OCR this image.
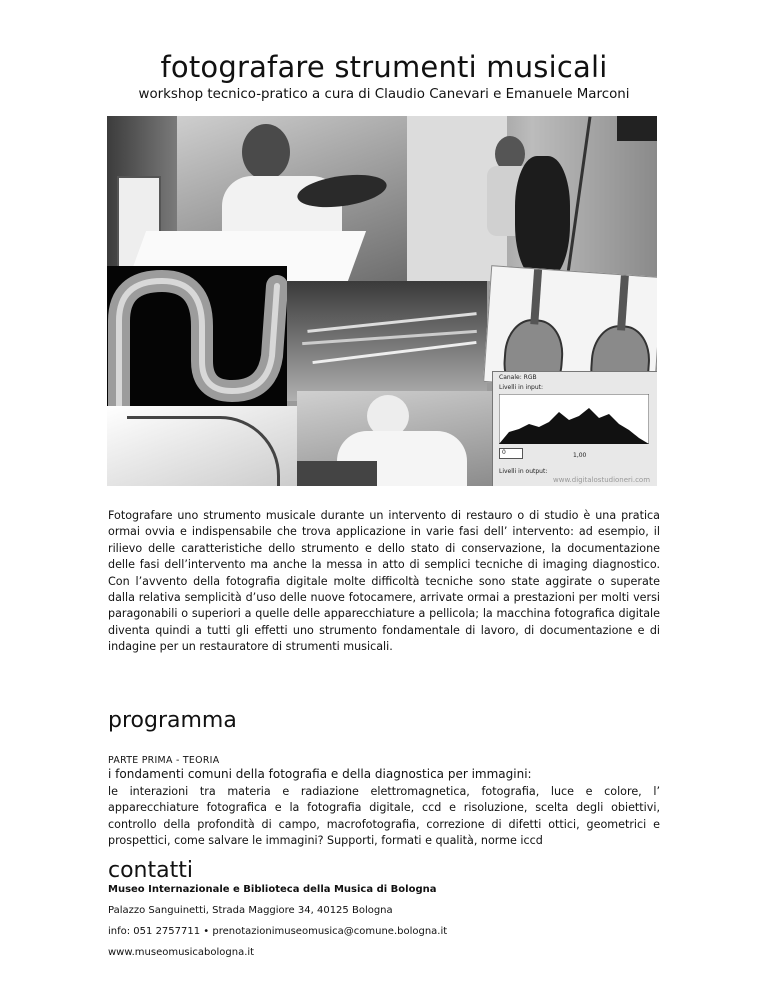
fotografare strumenti musicali
workshop tecnico-pratico a cura di Claudio Canevari e Emanuele Marconi
Canale: RGB
Livelli in input:
0	1,00
Livelli in output:
www.digitalostudioneri.com
Fotografare uno strumento musicale durante un intervento di restauro o di studio è una pratica ormai ovvia e indispensabile che trova applicazione in varie fasi dell’ intervento: ad esempio, il rilievo delle caratteristiche dello strumento e dello stato di conservazione, la documentazione delle fasi dell’intervento ma anche la messa in atto di semplici tecniche di imaging diagnostico. Con l’avvento della fotografia digitale molte difficoltà tecniche sono state aggirate o superate dalla relativa semplicità d’uso delle nuove fotocamere, arrivate ormai a prestazioni per molti versi paragonabili o superiori a quelle delle apparecchiature a pellicola; la macchina fotografica digitale diventa quindi a tutti gli effetti uno strumento fondamentale di lavoro, di documentazione e di indagine per un restauratore di strumenti musicali.
programma
PARTE PRIMA - TEORIA
i fondamenti comuni della fotografia e della diagnostica per immagini:
le interazioni tra materia e radiazione elettromagnetica, fotografia, luce e colore, l’ apparecchiature fotografica e la fotografia digitale, ccd e risoluzione, scelta degli obiettivi, controllo della profondità di campo, macrofotografia, correzione di difetti ottici, geometrici e prospettici, come salvare le immagini? Supporti, formati e qualità, norme iccd
contatti
Museo Internazionale e Biblioteca della Musica di Bologna
Palazzo Sanguinetti, Strada Maggiore 34, 40125 Bologna
info: 051 2757711 • prenotazionimuseomusica@comune.bologna.it
www.museomusicabologna.it
